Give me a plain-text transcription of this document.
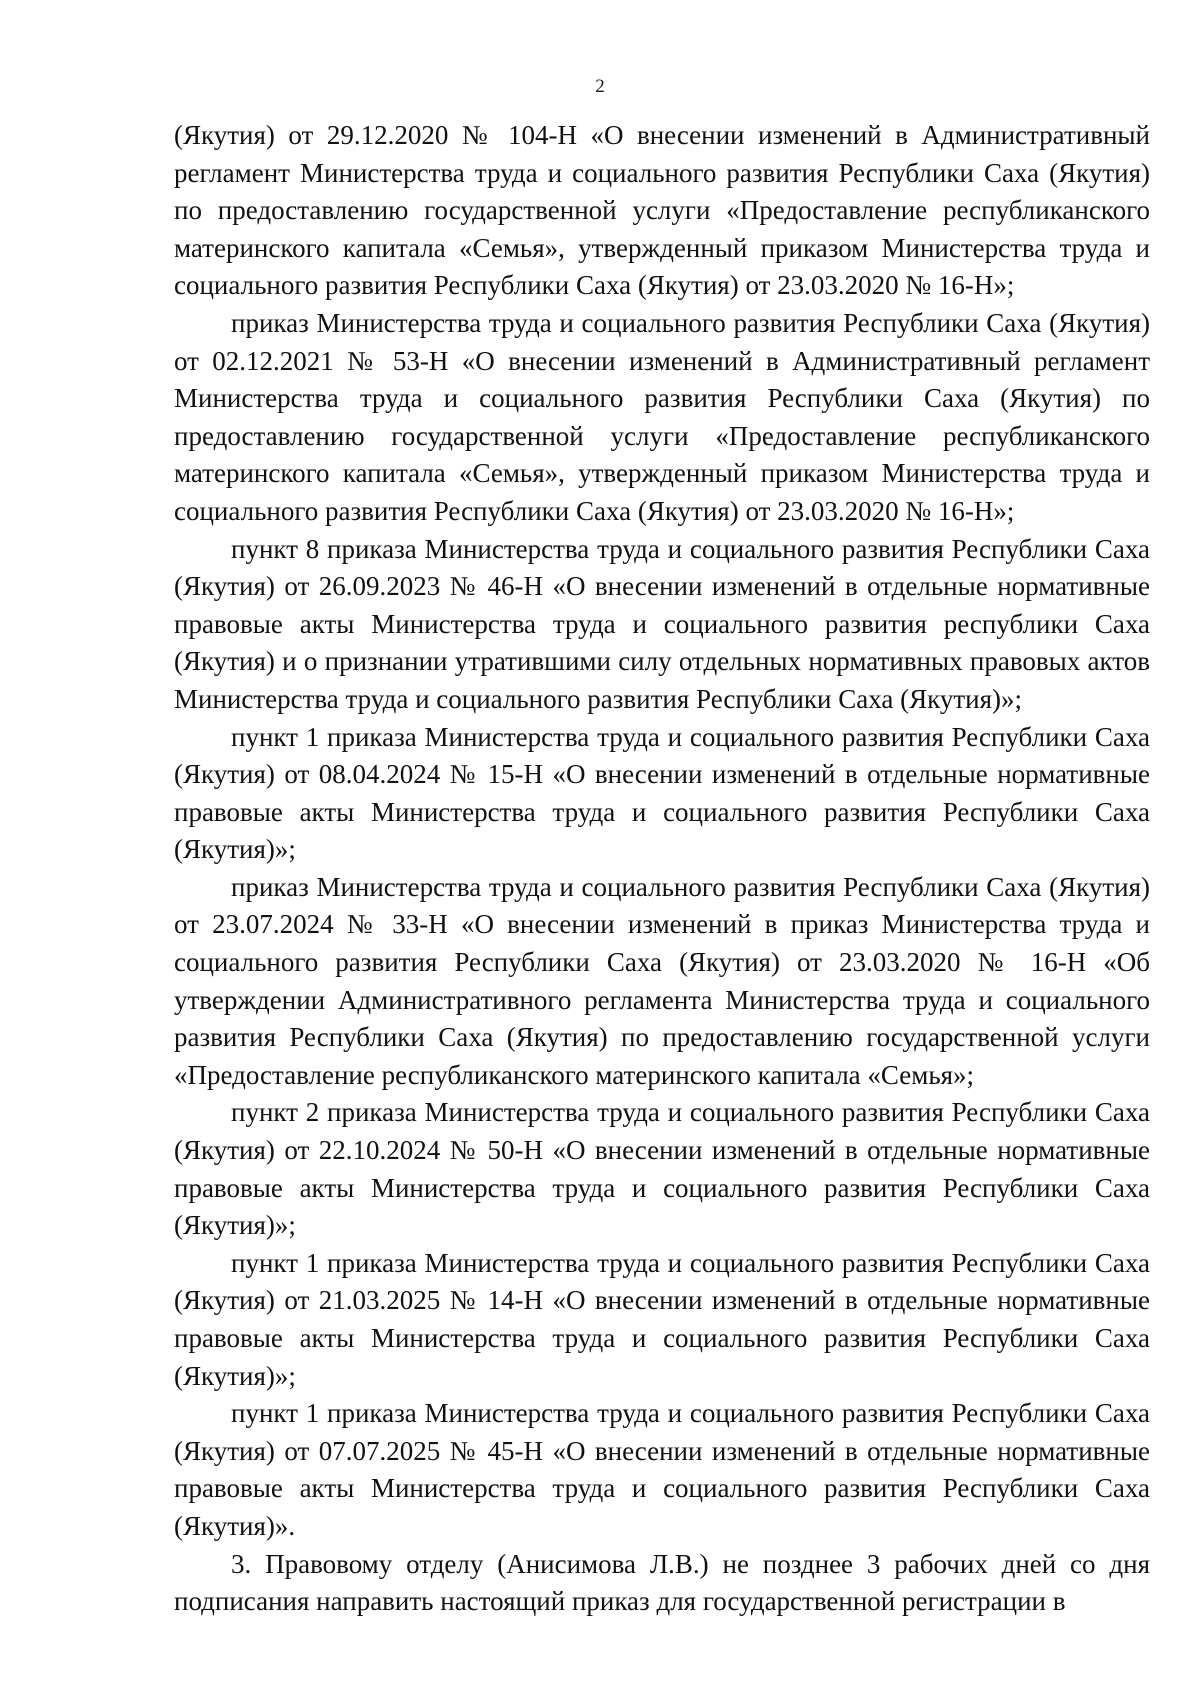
2

(Якутия) от 29.12.2020 № 104-Н «О внесении изменений в Административный регламент Министерства труда и социального развития Республики Саха (Якутия) по предоставлению государственной услуги «Предоставление республиканского материнского капитала «Семья», утвержденный приказом Министерства труда и социального развития Республики Саха (Якутия) от 23.03.2020 № 16-Н»;

приказ Министерства труда и социального развития Республики Саха (Якутия) от 02.12.2021 № 53-Н «О внесении изменений в Административный регламент Министерства труда и социального развития Республики Саха (Якутия) по предоставлению государственной услуги «Предоставление республиканского материнского капитала «Семья», утвержденный приказом Министерства труда и социального развития Республики Саха (Якутия) от 23.03.2020 № 16-Н»;

пункт 8 приказа Министерства труда и социального развития Республики Саха (Якутия) от 26.09.2023 № 46-Н «О внесении изменений в отдельные нормативные правовые акты Министерства труда и социального развития республики Саха (Якутия) и о признании утратившими силу отдельных нормативных правовых актов Министерства труда и социального развития Республики Саха (Якутия)»;

пункт 1 приказа Министерства труда и социального развития Республики Саха (Якутия) от 08.04.2024 № 15-Н «О внесении изменений в отдельные нормативные правовые акты Министерства труда и социального развития Республики Саха (Якутия)»;

приказ Министерства труда и социального развития Республики Саха (Якутия) от 23.07.2024 № 33-Н «О внесении изменений в приказ Министерства труда и социального развития Республики Саха (Якутия) от 23.03.2020 № 16-Н «Об утверждении Административного регламента Министерства труда и социального развития Республики Саха (Якутия) по предоставлению государственной услуги «Предоставление республиканского материнского капитала «Семья»;

пункт 2 приказа Министерства труда и социального развития Республики Саха (Якутия) от 22.10.2024 № 50-Н «О внесении изменений в отдельные нормативные правовые акты Министерства труда и социального развития Республики Саха (Якутия)»;

пункт 1 приказа Министерства труда и социального развития Республики Саха (Якутия) от 21.03.2025 № 14-Н «О внесении изменений в отдельные нормативные правовые акты Министерства труда и социального развития Республики Саха (Якутия)»;

пункт 1 приказа Министерства труда и социального развития Республики Саха (Якутия) от 07.07.2025 № 45-Н «О внесении изменений в отдельные нормативные правовые акты Министерства труда и социального развития Республики Саха (Якутия)».

3. Правовому отделу (Анисимова Л.В.) не позднее 3 рабочих дней со дня подписания направить настоящий приказ для государственной регистрации в
